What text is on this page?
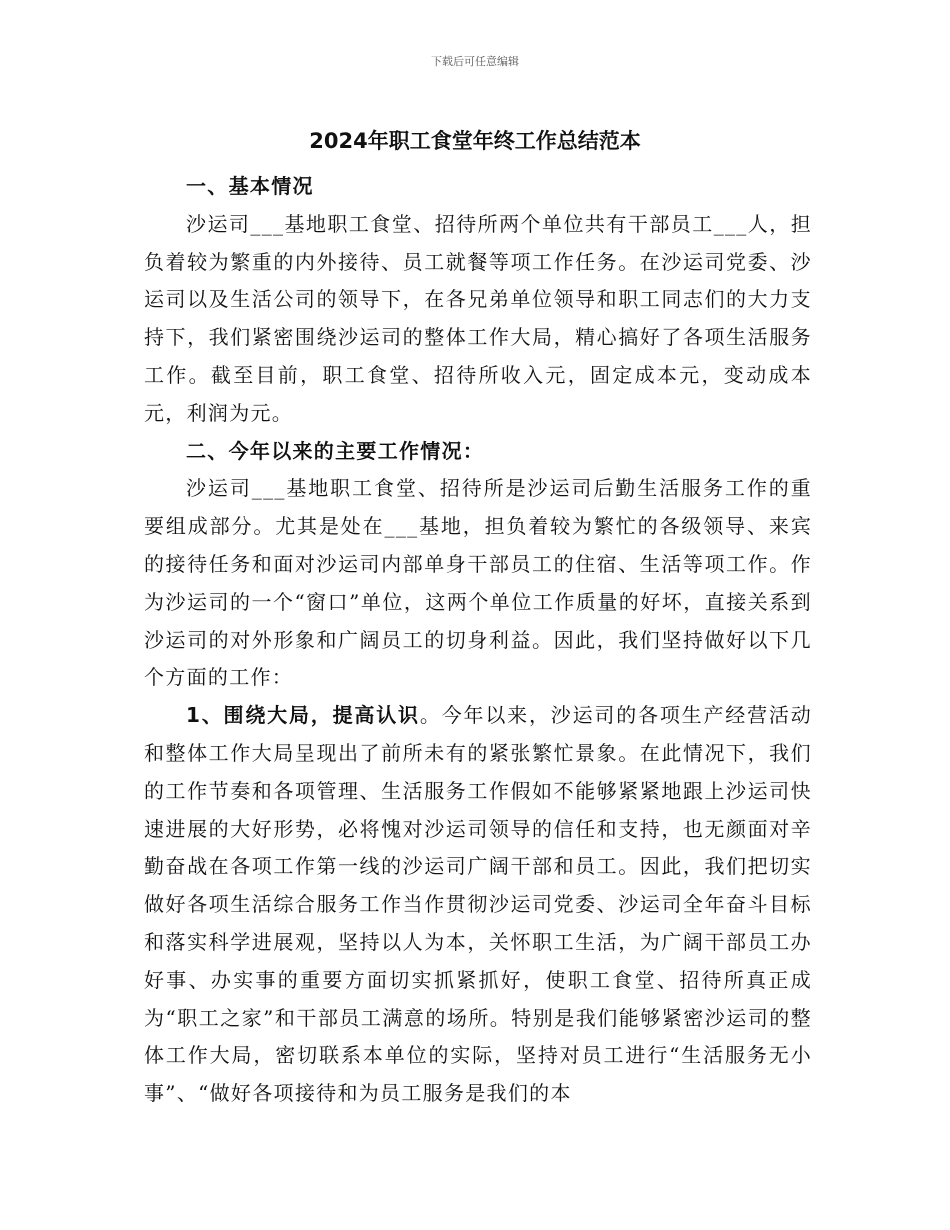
下载后可任意编辑
2024年职工食堂年终工作总结范本

一、基本情况

沙运司___基地职工食堂、招待所两个单位共有干部员工___人，担负着较为繁重的内外接待、员工就餐等项工作任务。在沙运司党委、沙运司以及生活公司的领导下，在各兄弟单位领导和职工同志们的大力支持下，我们紧密围绕沙运司的整体工作大局，精心搞好了各项生活服务工作。截至目前，职工食堂、招待所收入元，固定成本元，变动成本元，利润为元。

二、今年以来的主要工作情况：

沙运司___基地职工食堂、招待所是沙运司后勤生活服务工作的重要组成部分。尤其是处在___基地，担负着较为繁忙的各级领导、来宾的接待任务和面对沙运司内部单身干部员工的住宿、生活等项工作。作为沙运司的一个“窗口”单位，这两个单位工作质量的好坏，直接关系到沙运司的对外形象和广阔员工的切身利益。因此，我们坚持做好以下几个方面的工作：

1、围绕大局，提高认识。今年以来，沙运司的各项生产经营活动和整体工作大局呈现出了前所未有的紧张繁忙景象。在此情况下，我们的工作节奏和各项管理、生活服务工作假如不能够紧紧地跟上沙运司快速进展的大好形势，必将愧对沙运司领导的信任和支持，也无颜面对辛勤奋战在各项工作第一线的沙运司广阔干部和员工。因此，我们把切实做好各项生活综合服务工作当作贯彻沙运司党委、沙运司全年奋斗目标和落实科学进展观，坚持以人为本，关怀职工生活，为广阔干部员工办好事、办实事的重要方面切实抓紧抓好，使职工食堂、招待所真正成为“职工之家”和干部员工满意的场所。特别是我们能够紧密沙运司的整体工作大局，密切联系本单位的实际，坚持对员工进行“生活服务无小事”、“做好各项接待和为员工服务是我们的本
